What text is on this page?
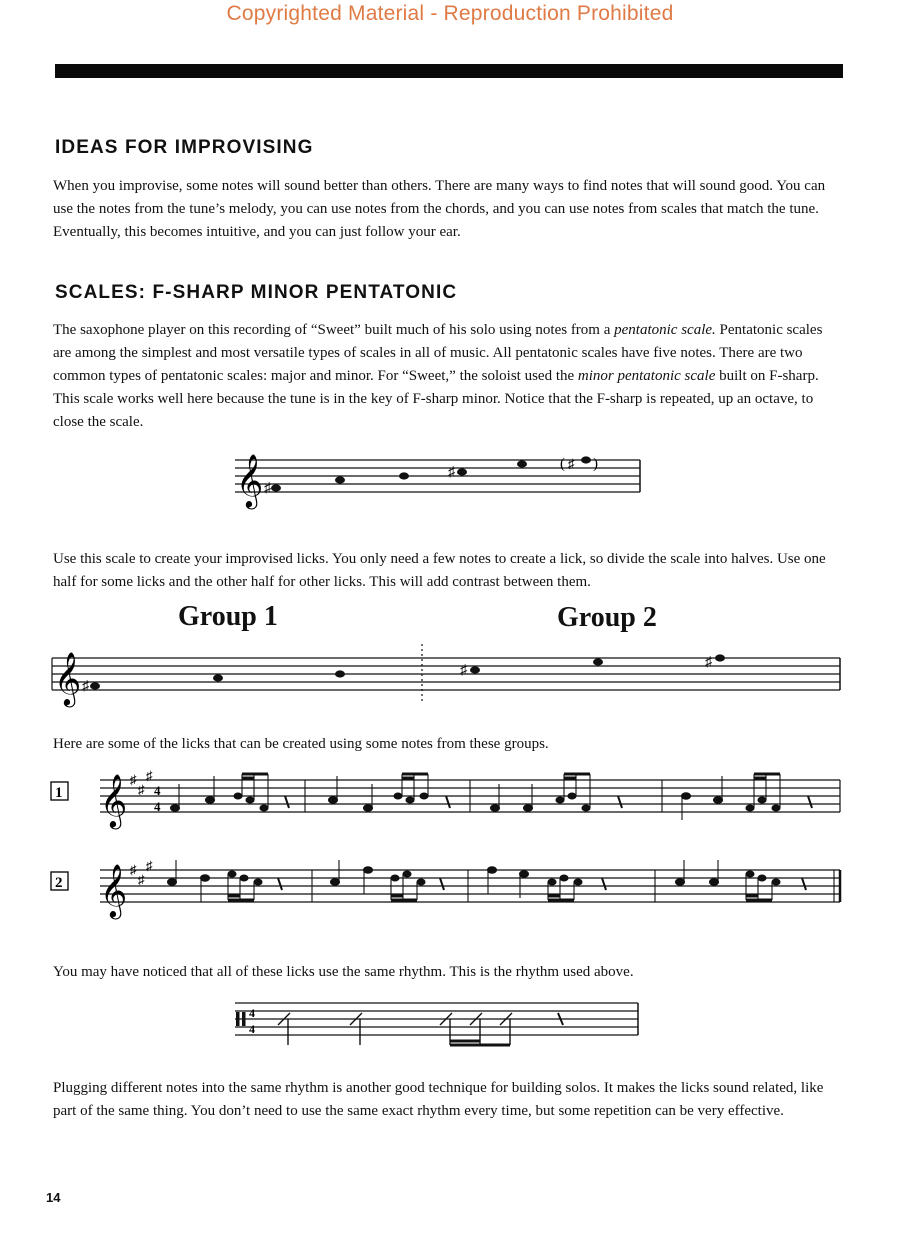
Copyrighted Material - Reproduction Prohibited
IDEAS FOR IMPROVISING

When you improvise, some notes will sound better than others. There are many ways to find notes that will sound good. You can use the notes from the tune’s melody, you can use notes from the chords, and you can use notes from scales that match the tune. Eventually, this becomes intuitive, and you can just follow your ear.

SCALES: F-SHARP MINOR PENTATONIC

The saxophone player on this recording of “Sweet” built much of his solo using notes from a pentatonic scale. Pentatonic scales are among the simplest and most versatile types of scales in all of music. All pentatonic scales have five notes. There are two common types of pentatonic scales: major and minor. For “Sweet,” the soloist used the minor pentatonic scale built on F-sharp. This scale works well here because the tune is in the key of F-sharp minor. Notice that the F-sharp is repeated, up an octave, to close the scale.

𝄞 ♯
♯
( ♯ )

Use this scale to create your improvised licks. You only need a few notes to create a lick, so divide the scale into halves. Use one half for some licks and the other half for other licks. This will add contrast between them.

Group 1	Group 2
𝄞 ♯
♯
♯

Here are some of the licks that can be created using some notes from these groups.

1 𝄞 ♯
♯
♯
4
4
2 𝄞 ♯
♯
♯

You may have noticed that all of these licks use the same rhythm. This is the rhythm used above.

4
4

Plugging different notes into the same rhythm is another good technique for building solos. It makes the licks sound related, like part of the same thing. You don’t need to use the same exact rhythm every time, but some repetition can be very effective.

14
